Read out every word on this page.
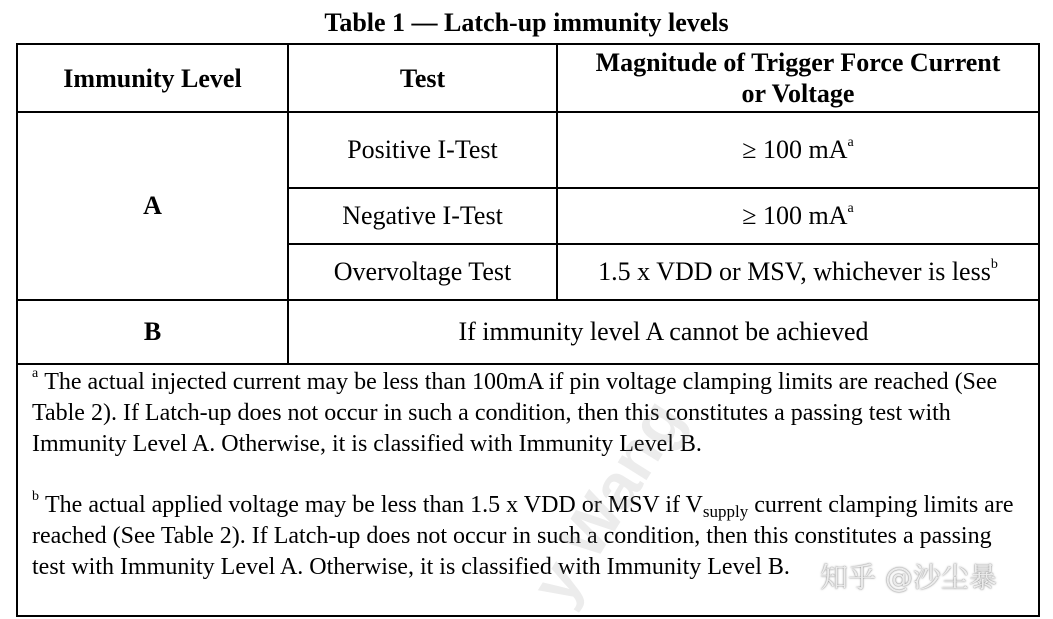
Table 1 — Latch-up immunity levels
Immunity Level	Test	Magnitude of Trigger Force Current
or Voltage
A	Positive I-Test	≥ 100 $mA^a$
	Negative I-Test	≥ 100 $mA^a$
	Overvoltage Test	1.5 x VDD or MSV, whichever is less$^b$
B	If immunity level A cannot be achieved	

$^a$ The actual injected current may be less than 100mA if pin voltage clamping limits are reached (See Table 2). If Latch-up does not occur in such a condition, then this constitutes a passing test with Immunity Level A. Otherwise, it is classified with Immunity Level B.

$^b$ The actual applied voltage may be less than 1.5 x VDD or MSV if $V_{supply}$ current clamping limits are reached (See Table 2). If Latch-up does not occur in such a condition, then this constitutes a passing test with Immunity Level A. Otherwise, it is classified with Immunity Level B.		

y Wang	知乎 @沙尘暴
